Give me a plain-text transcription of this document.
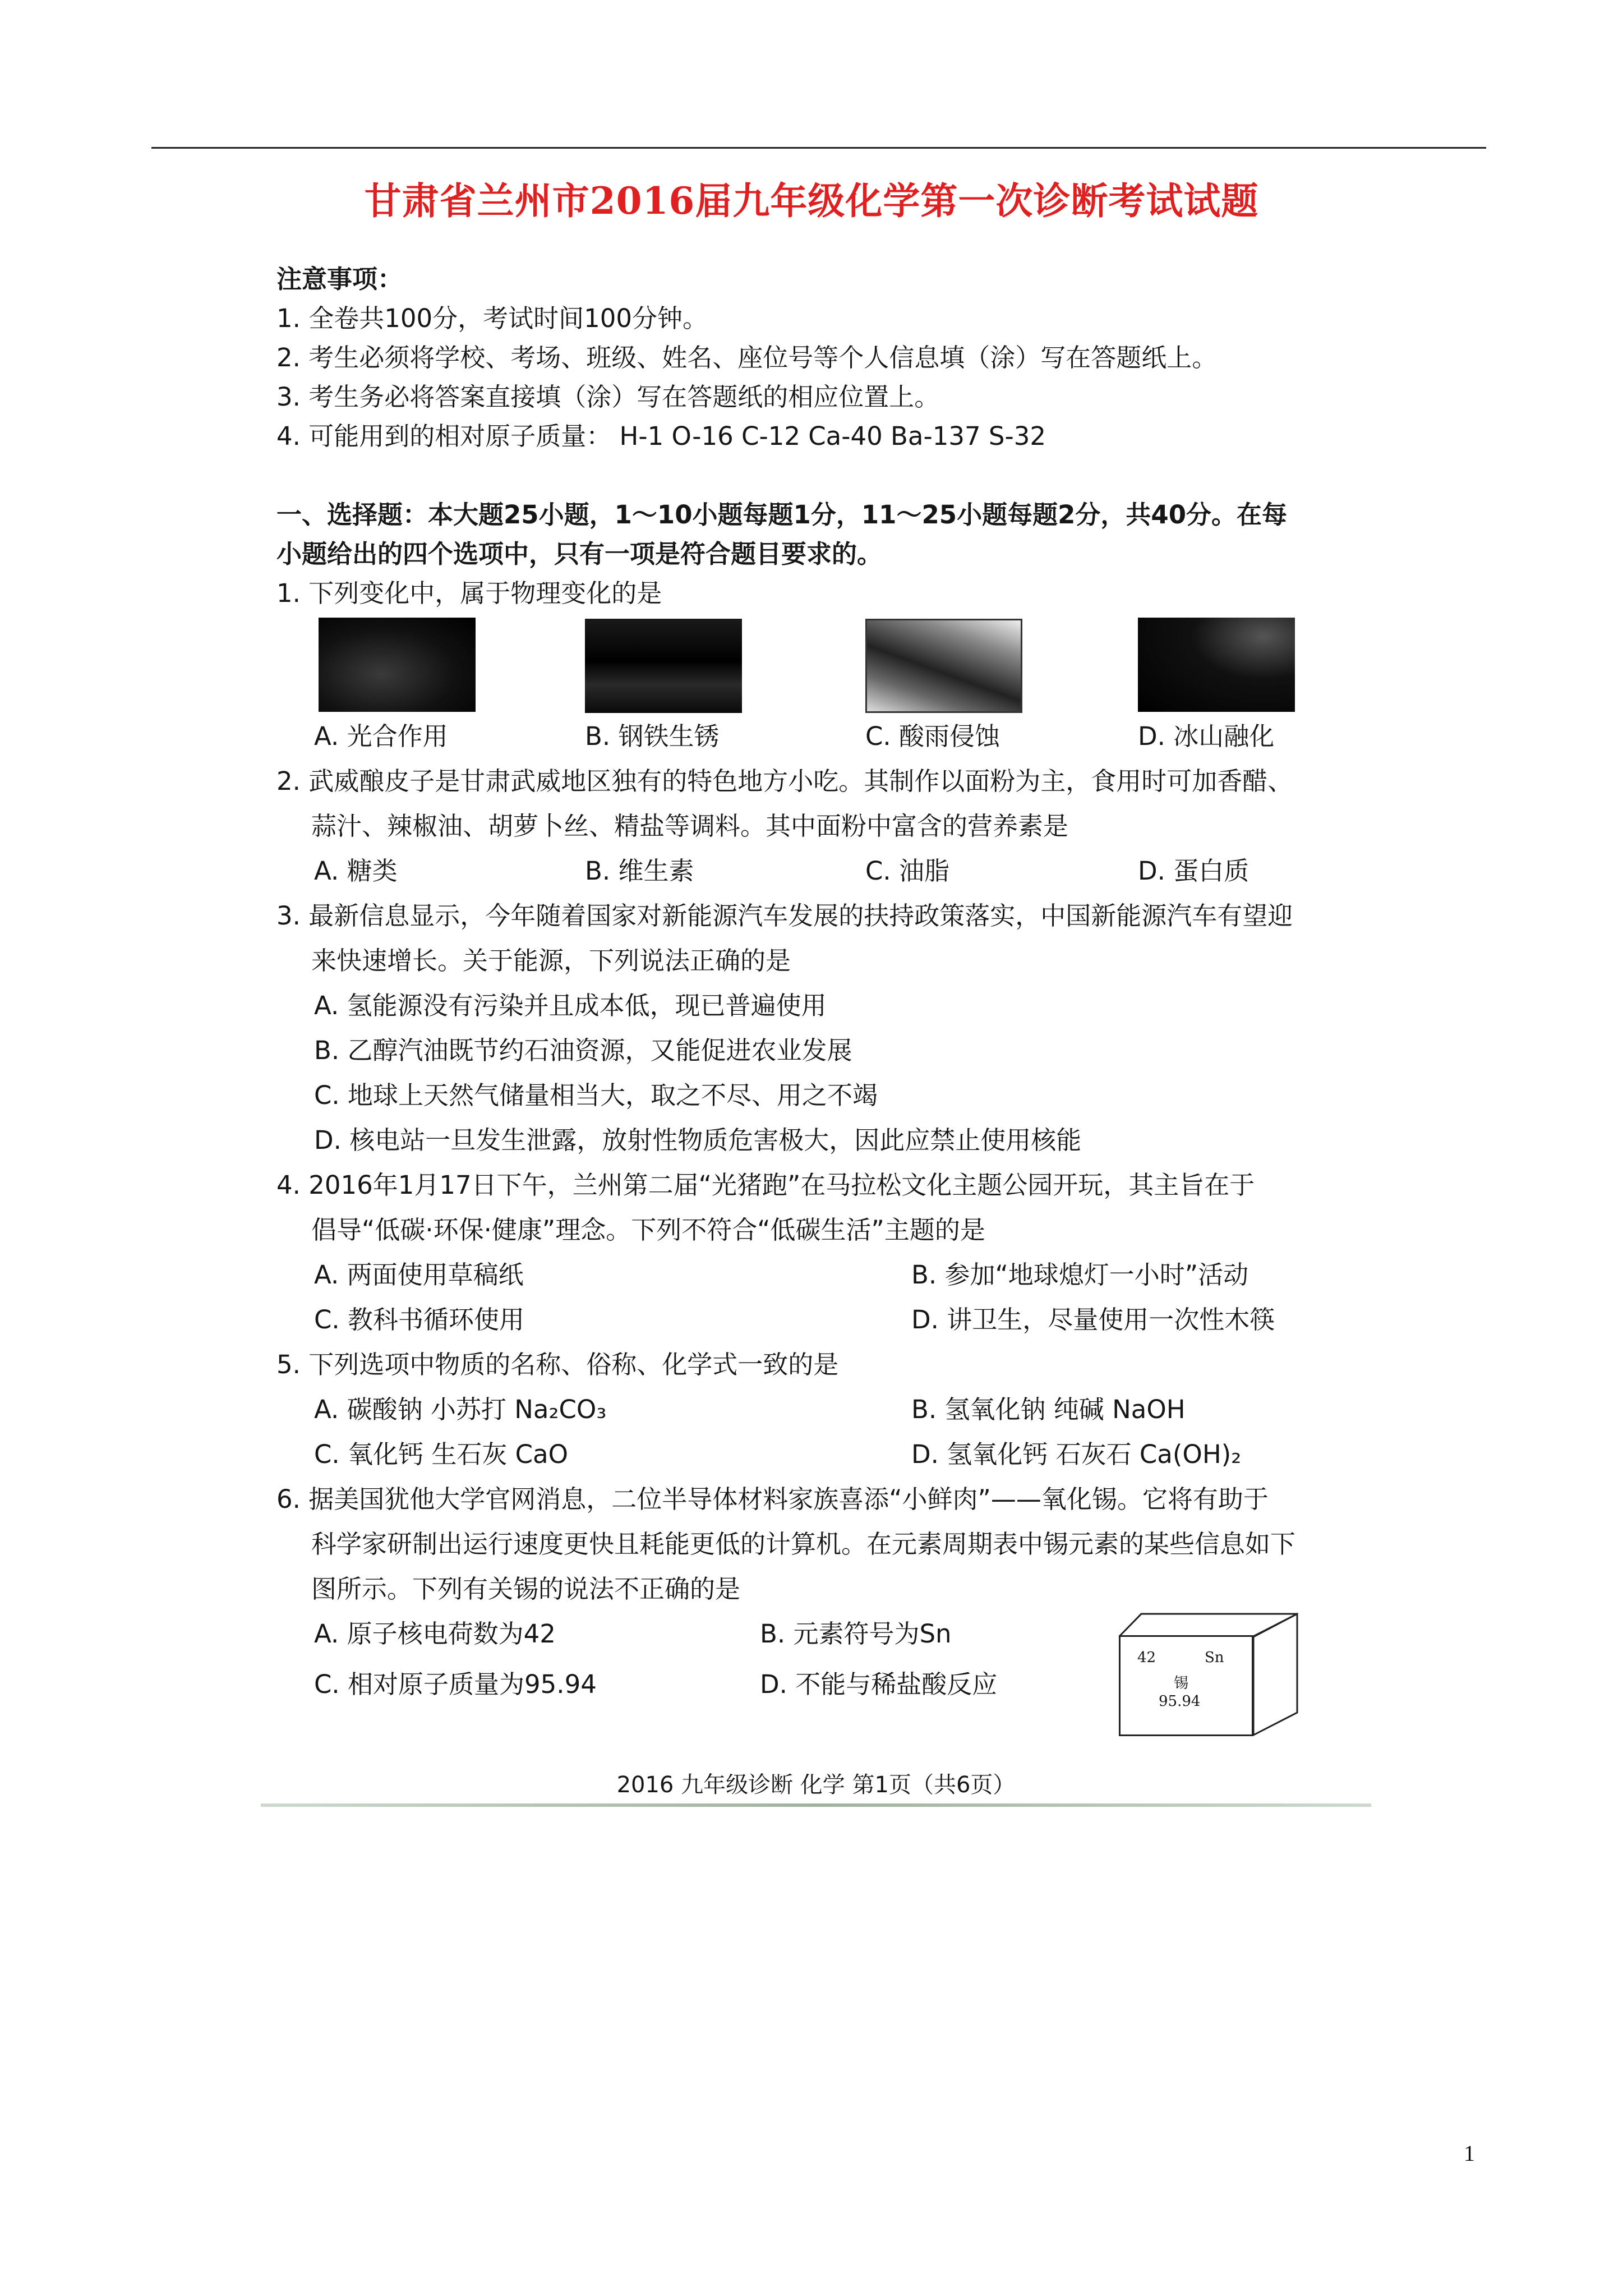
甘肃省兰州市2016届九年级化学第一次诊断考试试题
注意事项：
1. 全卷共100分，考试时间100分钟。
2. 考生必须将学校、考场、班级、姓名、座位号等个人信息填（涂）写在答题纸上。
3. 考生务必将答案直接填（涂）写在答题纸的相应位置上。
4. 可能用到的相对原子质量： H-1 O-16 C-12 Ca-40 Ba-137 S-32
一、选择题：本大题25小题，1～10小题每题1分，11～25小题每题2分，共40分。在每
小题给出的四个选项中，只有一项是符合题目要求的。
1. 下列变化中，属于物理变化的是
A. 光合作用	B. 钢铁生锈	C. 酸雨侵蚀	D. 冰山融化
2. 武威酿皮子是甘肃武威地区独有的特色地方小吃。其制作以面粉为主，食用时可加香醋、
蒜汁、辣椒油、胡萝卜丝、精盐等调料。其中面粉中富含的营养素是
A. 糖类	B. 维生素	C. 油脂	D. 蛋白质
3. 最新信息显示，今年随着国家对新能源汽车发展的扶持政策落实，中国新能源汽车有望迎
来快速增长。关于能源，下列说法正确的是
A. 氢能源没有污染并且成本低，现已普遍使用
B. 乙醇汽油既节约石油资源，又能促进农业发展
C. 地球上天然气储量相当大，取之不尽、用之不竭
D. 核电站一旦发生泄露，放射性物质危害极大，因此应禁止使用核能
4. 2016年1月17日下午，兰州第二届“光猪跑”在马拉松文化主题公园开玩，其主旨在于
倡导“低碳·环保·健康”理念。下列不符合“低碳生活”主题的是
A. 两面使用草稿纸	B. 参加“地球熄灯一小时”活动
C. 教科书循环使用	D. 讲卫生，尽量使用一次性木筷
5. 下列选项中物质的名称、俗称、化学式一致的是
A. 碳酸钠 小苏打 Na₂CO₃	B. 氢氧化钠 纯碱 NaOH
C. 氧化钙 生石灰 CaO	D. 氢氧化钙 石灰石 Ca(OH)₂
6. 据美国犹他大学官网消息，二位半导体材料家族喜添“小鲜肉”——氧化锡。它将有助于
科学家研制出运行速度更快且耗能更低的计算机。在元素周期表中锡元素的某些信息如下
图所示。下列有关锡的说法不正确的是
A. 原子核电荷数为42	B. 元素符号为Sn
C. 相对原子质量为95.94	D. 不能与稀盐酸反应
42	Sn
锡
95.94
2016 九年级诊断 化学 第1页（共6页）
1
